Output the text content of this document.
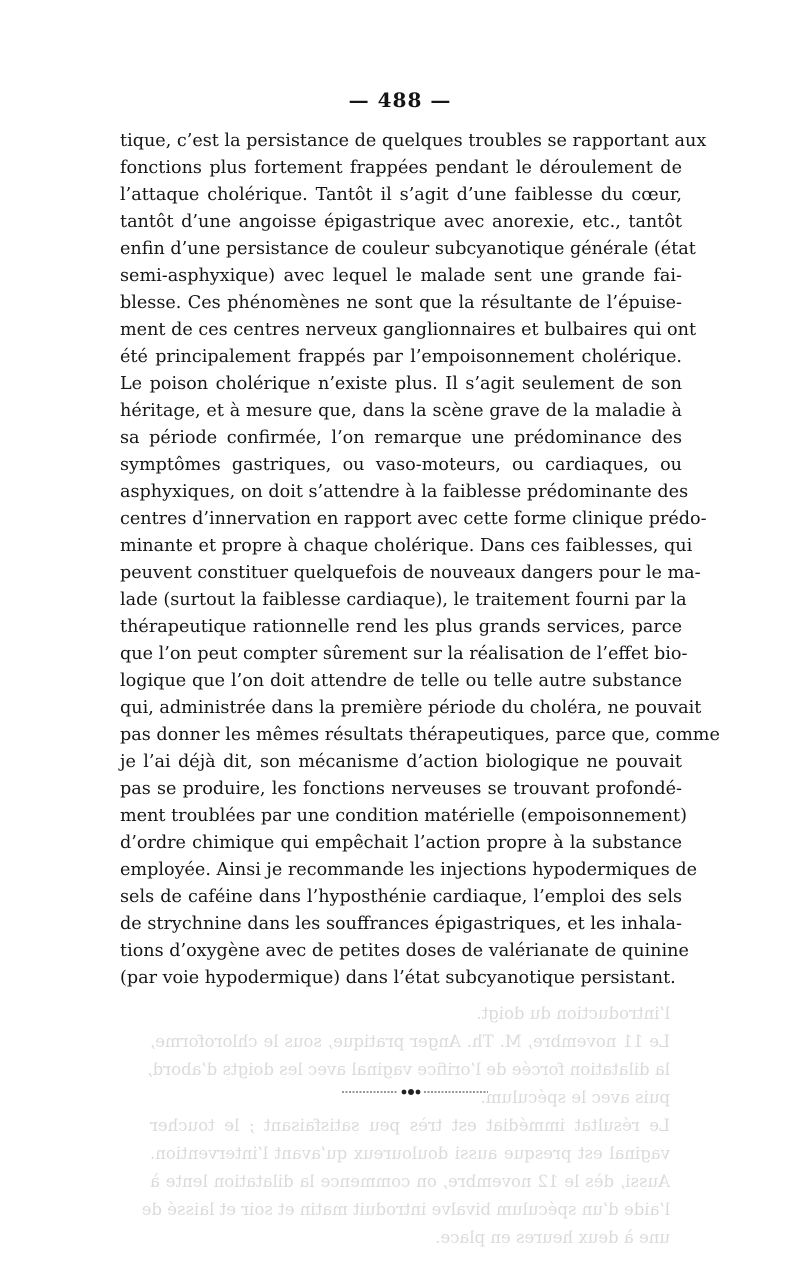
— 488 —
tique, c’est la persistance de quelques troubles se rapportant aux
fonctions plus fortement frappées pendant le déroulement de
l’attaque cholérique. Tantôt il s’agit d’une faiblesse du cœur,
tantôt d’une angoisse épigastrique avec anorexie, etc., tantôt
enfin d’une persistance de couleur subcyanotique générale (état
semi-asphyxique) avec lequel le malade sent une grande fai-
blesse. Ces phénomènes ne sont que la résultante de l’épuise-
ment de ces centres nerveux ganglionnaires et bulbaires qui ont
été principalement frappés par l’empoisonnement cholérique.
Le poison cholérique n’existe plus. Il s’agit seulement de son
héritage, et à mesure que, dans la scène grave de la maladie à
sa période confirmée, l’on remarque une prédominance des
symptômes gastriques, ou vaso-moteurs, ou cardiaques, ou
asphyxiques, on doit s’attendre à la faiblesse prédominante des
centres d’innervation en rapport avec cette forme clinique prédo-
minante et propre à chaque cholérique. Dans ces faiblesses, qui
peuvent constituer quelquefois de nouveaux dangers pour le ma-
lade (surtout la faiblesse cardiaque), le traitement fourni par la
thérapeutique rationnelle rend les plus grands services, parce
que l’on peut compter sûrement sur la réalisation de l’effet bio-
logique que l’on doit attendre de telle ou telle autre substance
qui, administrée dans la première période du choléra, ne pouvait
pas donner les mêmes résultats thérapeutiques, parce que, comme
je l’ai déjà dit, son mécanisme d’action biologique ne pouvait
pas se produire, les fonctions nerveuses se trouvant profondé-
ment troublées par une condition matérielle (empoisonnement)
d’ordre chimique qui empêchait l’action propre à la substance
employée. Ainsi je recommande les injections hypodermiques de
sels de caféine dans l’hyposthénie cardiaque, l’emploi des sels
de strychnine dans les souffrances épigastriques, et les inhala-
tions d’oxygène avec de petites doses de valérianate de quinine
(par voie hypodermique) dans l’état subcyanotique persistant.
l’introduction du doigt.
Le 11 novembre, M. Th. Anger pratique, sous le chloroforme,
la dilatation forcée de l’orifice vaginal avec les doigts d’abord,
puis avec le spéculum.
Le résultat immédiat est très peu satisfaisant ; le toucher
vaginal est presque aussi douloureux qu’avant l’intervention.
Aussi, dès le 12 novembre, on commence la dilatation lente à
l’aide d’un spéculum bivalve introduit matin et soir et laissé de
une à deux heures en place.
